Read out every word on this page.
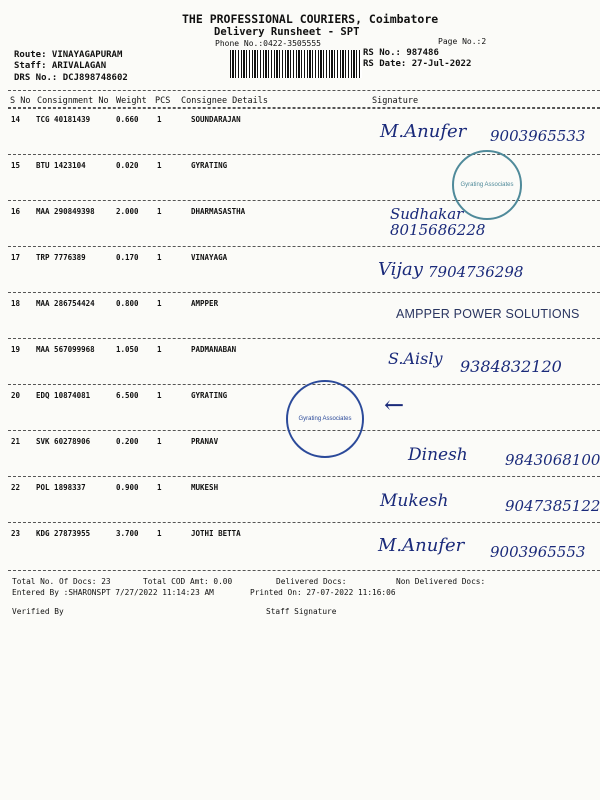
THE PROFESSIONAL COURIERS, Coimbatore
Delivery Runsheet - SPT
Phone No.:0422-3505555	Page No.:2
Route: VINAYAGAPURAM
Staff: ARIVALAGAN
DRS No.: DCJ898748602
RS No.: 987486
RS Date: 27-Jul-2022
S No Consignment No Weight PCS Consignee Details	Signature
14 TCG 40181439	0.660 1	SOUNDARAJAN
M.Anufer 9003965533
15 BTU 1423104	0.020 1	GYRATING
16 MAA 290849398	2.000 1	DHARMASASTHA	Sudhakar
8015686228
17 TRP 7776389	0.170 1	VINAYAGA
Vijay 7904736298
18 MAA 286754424	0.800 1	AMPPER
AMPPER POWER SOLUTIONS
19 MAA 567099968	1.050 1	PADMANABAN	S.Aisly 9384832120
20 EDQ 10874081	6.500 1	GYRATING	←
21 SVK 60278906	0.200 1	PRANAV
Dinesh 9843068100
22 POL 1898337	0.900 1	MUKESH
Mukesh	9047385122
23 KDG 27873955	3.700 1	JOTHI BETTA
M.Anufer 9003965553
Gyrating Associates
Gyrating Associates
Total No. Of Docs: 23	Total COD Amt: 0.00	Delivered Docs:	Non Delivered Docs:
Entered By :SHARONSPT 7/27/2022 11:14:23 AM	Printed On: 27-07-2022 11:16:06
Verified By	Staff Signature
